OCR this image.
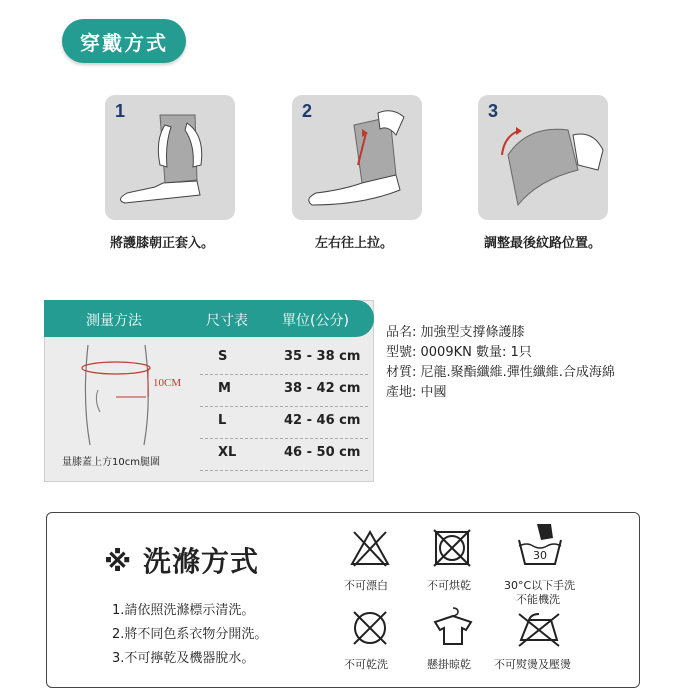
穿戴方式
1
將護膝朝正套入。
2
左右往上拉。
3
調整最後紋路位置。
測量方法	尺寸表 單位(公分)
10CM
量膝蓋上方10cm腿圍
S	35 - 38 cm
M	38 - 42 cm
L	42 - 46 cm
XL	46 - 50 cm
品名: 加強型支撐條護膝
型號: 0009KN 數量: 1只
材質: 尼龍.聚酯纖維.彈性纖維.合成海綿
產地: 中國
※ 洗滌方式
1.請依照洗滌標示清洗。
2.將不同色系衣物分開洗。
3.不可擰乾及機器脫水。
不可漂白	不可烘乾
30
30°C以下手洗
不能機洗
不可乾洗	懸掛晾乾 不可熨燙及壓燙
